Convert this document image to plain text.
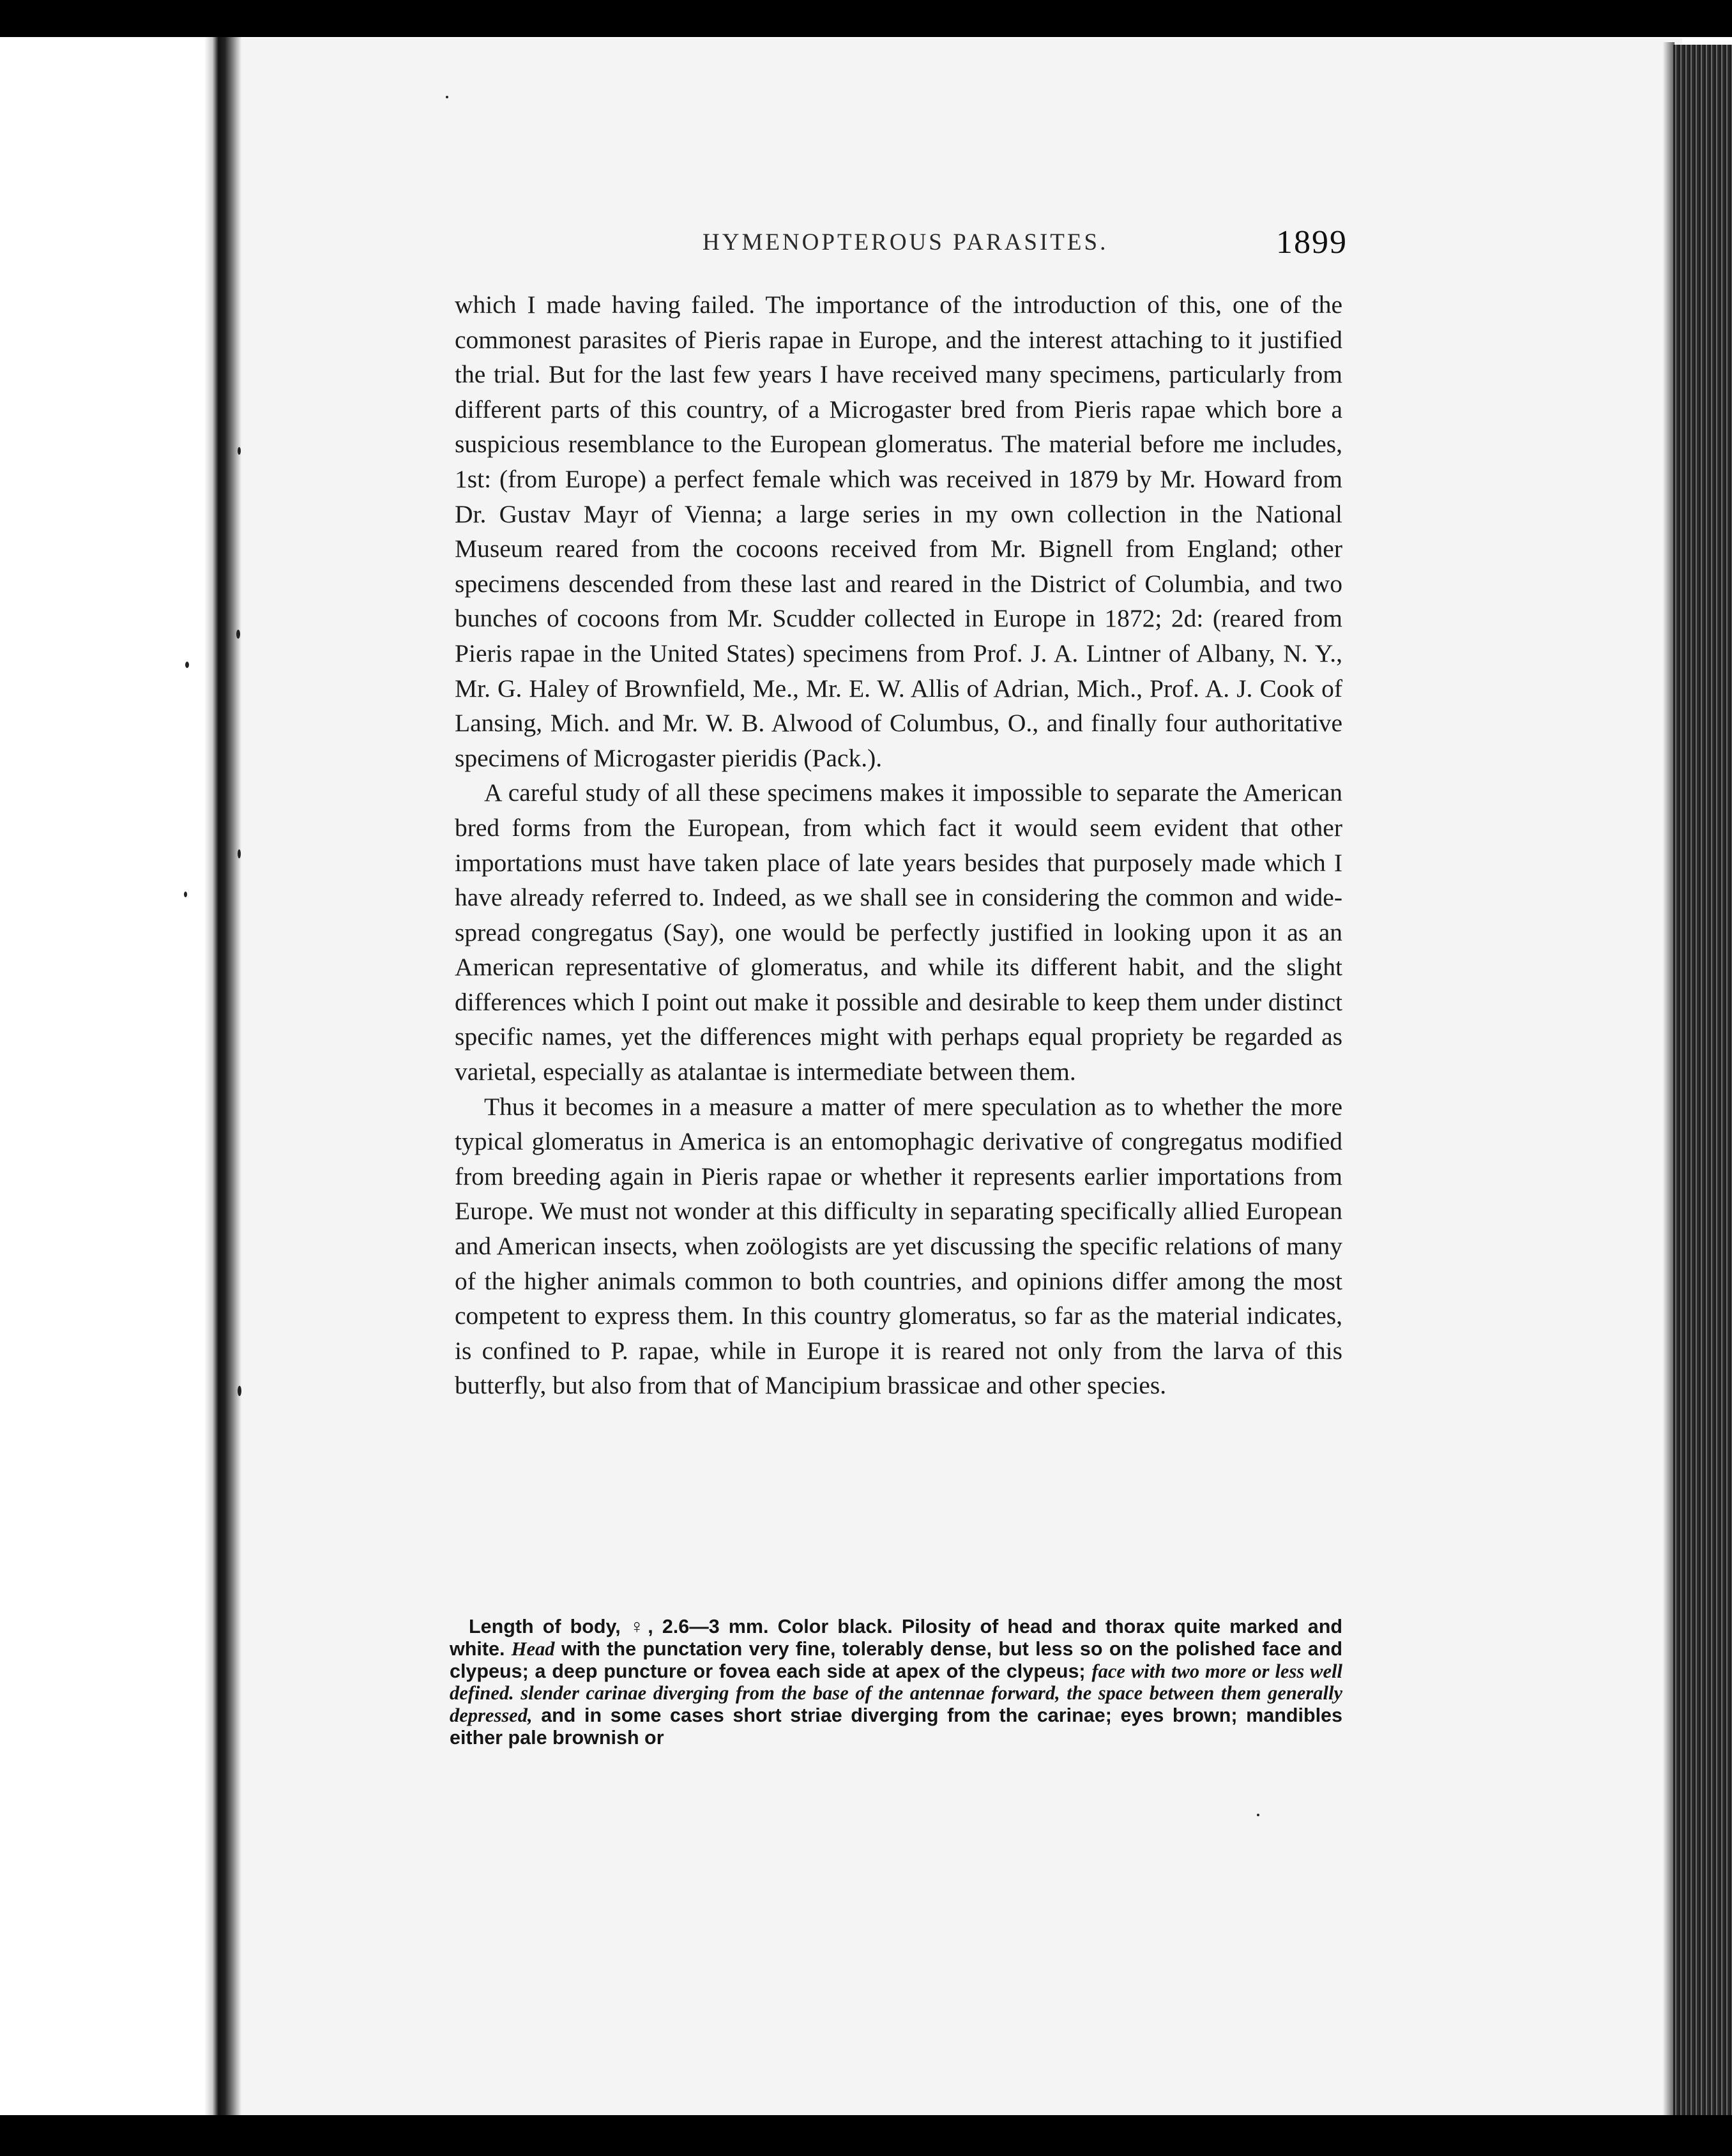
HYMENOPTEROUS PARASITES.	1899

which I made having failed. The importance of the introduction of this, one of the commonest parasites of Pieris rapae in Europe, and the interest attaching to it justified the trial. But for the last few years I have received many specimens, particularly from different parts of this country, of a Microgaster bred from Pieris rapae which bore a suspicious resemblance to the European glomeratus. The material before me includes, 1st: (from Europe) a perfect female which was received in 1879 by Mr. Howard from Dr. Gustav Mayr of Vienna; a large series in my own collection in the National Museum reared from the cocoons received from Mr. Bignell from England; other specimens descended from these last and reared in the District of Columbia, and two bunches of cocoons from Mr. Scudder collected in Europe in 1872; 2d: (reared from Pieris rapae in the United States) specimens from Prof. J. A. Lintner of Albany, N. Y., Mr. G. Haley of Brownfield, Me., Mr. E. W. Allis of Adrian, Mich., Prof. A. J. Cook of Lansing, Mich. and Mr. W. B. Alwood of Columbus, O., and finally four authoritative specimens of Microgaster pieridis (Pack.).

A careful study of all these specimens makes it impossible to separate the American bred forms from the European, from which fact it would seem evident that other importations must have taken place of late years besides that purposely made which I have already referred to. Indeed, as we shall see in considering the common and wide-spread congregatus (Say), one would be perfectly justified in looking upon it as an American representative of glomeratus, and while its different habit, and the slight differences which I point out make it possible and desirable to keep them under distinct specific names, yet the differences might with perhaps equal propriety be regarded as varietal, especially as atalantae is intermediate between them.

Thus it becomes in a measure a matter of mere speculation as to whether the more typical glomeratus in America is an entomophagic derivative of congregatus modified from breeding again in Pieris rapae or whether it represents earlier importations from Europe. We must not wonder at this difficulty in separating specifically allied European and American insects, when zoölogists are yet discussing the specific relations of many of the higher animals common to both countries, and opinions differ among the most competent to express them. In this country glomeratus, so far as the material indicates, is confined to P. rapae, while in Europe it is reared not only from the larva of this butterfly, but also from that of Mancipium brassicae and other species.

Length of body, ♀, 2.6—3 mm. Color black. Pilosity of head and thorax quite marked and white. Head with the punctation very fine, tolerably dense, but less so on the polished face and clypeus; a deep puncture or fovea each side at apex of the clypeus; face with two more or less well defined. slender carinae diverging from the base of the antennae forward, the space between them generally depressed, and in some cases short striae diverging from the carinae; eyes brown; mandibles either pale brownish or
